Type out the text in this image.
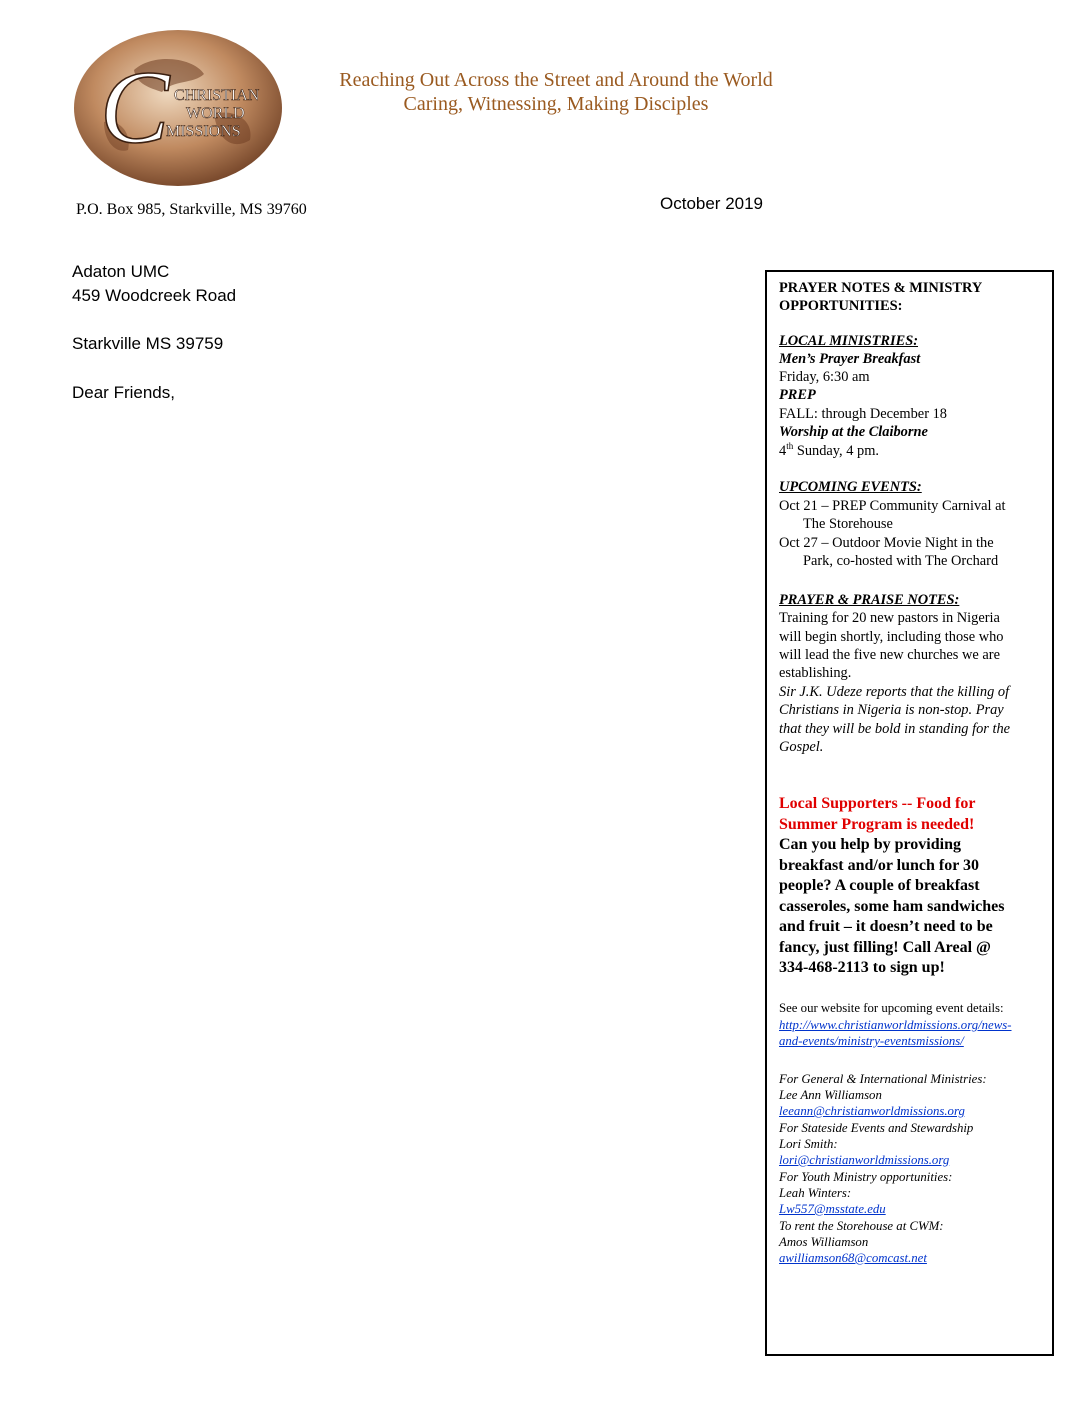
C CHRISTIAN
WORLD
MISSIONS
Reaching Out Across the Street and Around the World
Caring, Witnessing, Making Disciples
P.O. Box 985, Starkville, MS 39760	October 2019
Adaton UMC
459 Woodcreek Road
Starkville MS 39759
Dear Friends,
PRAYER NOTES & MINISTRY
OPPORTUNITIES:
LOCAL MINISTRIES:
Men’s Prayer Breakfast
Friday, 6:30 am
PREP
FALL: through December 18
Worship at the Claiborne
4th Sunday, 4 pm.
UPCOMING EVENTS:
Oct 21 – PREP Community Carnival at
The Storehouse
Oct 27 – Outdoor Movie Night in the
Park, co-hosted with The Orchard
PRAYER & PRAISE NOTES:
Training for 20 new pastors in Nigeria
will begin shortly, including those who
will lead the five new churches we are
establishing.
Sir J.K. Udeze reports that the killing of
Christians in Nigeria is non-stop. Pray
that they will be bold in standing for the
Gospel.
Local Supporters -- Food for
Summer Program is needed!
Can you help by providing
breakfast and/or lunch for 30
people? A couple of breakfast
casseroles, some ham sandwiches
and fruit – it doesn’t need to be
fancy, just filling! Call Areal @
334-468-2113 to sign up!
See our website for upcoming event details:
http://www.christianworldmissions.org/news-
and-events/ministry-eventsmissions/
For General & International Ministries:
Lee Ann Williamson
leeann@christianworldmissions.org
For Stateside Events and Stewardship
Lori Smith:
lori@christianworldmissions.org
For Youth Ministry opportunities:
Leah Winters:
Lw557@msstate.edu
To rent the Storehouse at CWM:
Amos Williamson
awilliamson68@comcast.net
